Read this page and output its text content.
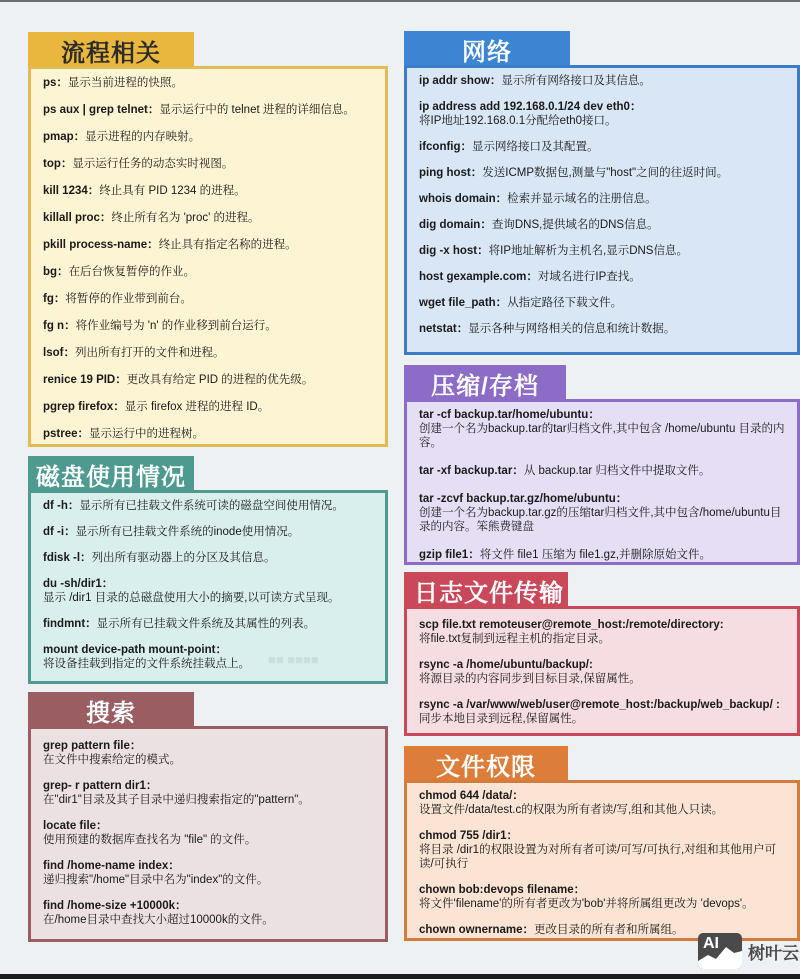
流程相关
ps：显示当前进程的快照。
ps aux | grep telnet：显示运行中的 telnet 进程的详细信息。
pmap：显示进程的内存映射。
top：显示运行任务的动态实时视图。
kill 1234：终止具有 PID 1234 的进程。
killall proc：终止所有名为 'proc' 的进程。
pkill process-name：终止具有指定名称的进程。
bg：在后台恢复暂停的作业。
fg：将暂停的作业带到前台。
fg n：将作业编号为 'n' 的作业移到前台运行。
lsof：列出所有打开的文件和进程。
renice 19 PID：更改具有给定 PID 的进程的优先级。
pgrep firefox：显示 firefox 进程的进程 ID。
pstree：显示运行中的进程树。
磁盘使用情况
df -h：显示所有已挂载文件系统可读的磁盘空间使用情况。
df -i：显示所有已挂载文件系统的inode使用情况。
fdisk -l：列出所有驱动器上的分区及其信息。
du -sh/dir1：
显示 /dir1 目录的总磁盘使用大小的摘要,以可读方式呈现。
findmnt：显示所有已挂载文件系统及其属性的列表。
mount device-path mount-point：
将设备挂载到指定的文件系统挂载点上。
搜索
grep pattern file：
在文件中搜索给定的模式。
grep- r pattern dir1：
在"dir1"目录及其子目录中递归搜索指定的"pattern"。
locate file：
使用预建的数据库查找名为 "file" 的文件。
find /home-name index：
递归搜索"/home"目录中名为"index"的文件。
find /home-size +10000k：
在/home目录中查找大小超过10000k的文件。
网络
ip addr show：显示所有网络接口及其信息。
ip address add 192.168.0.1/24 dev eth0：
将IP地址192.168.0.1分配给eth0接口。
ifconfig：显示网络接口及其配置。
ping host：发送ICMP数据包,测量与"host"之间的往返时间。
whois domain：检索并显示域名的注册信息。
dig domain：查询DNS,提供域名的DNS信息。
dig -x host：将IP地址解析为主机名,显示DNS信息。
host gexample.com：对域名进行IP查找。
wget file_path：从指定路径下载文件。
netstat：显示各种与网络相关的信息和统计数据。
压缩/存档
tar -cf backup.tar/home/ubuntu：
创建一个名为backup.tar的tar归档文件,其中包含 /home/ubuntu 目录的内容。
tar -xf backup.tar：从 backup.tar 归档文件中提取文件。
tar -zcvf backup.tar.gz/home/ubuntu：
创建一个名为backup.tar.gz的压缩tar归档文件,其中包含/home/ubuntu目录的内容。笨熊费键盘
gzip file1：将文件 file1 压缩为 file1.gz,并删除原始文件。
日志文件传输
scp file.txt remoteuser@remote_host:/remote/directory:
将file.txt复制到远程主机的指定目录。
rsync -a /home/ubuntu/backup/:
将源目录的内容同步到目标目录,保留属性。
rsync -a /var/www/web/user@remote_host:/backup/web_backup/ :
同步本地目录到远程,保留属性。
文件权限
chmod 644 /data/：
设置文件/data/test.c的权限为所有者读/写,组和其他人只读。
chmod 755 /dir1：
将目录 /dir1的权限设置为对所有者可读/可写/可执行,对组和其他用户可读/可执行
chown bob:devops filename：
将文件'filename'的所有者更改为'bob'并将所属组更改为 'devops'。
chown ownername：更改目录的所有者和所属组。
■■ ■■■■
AI 树叶云
